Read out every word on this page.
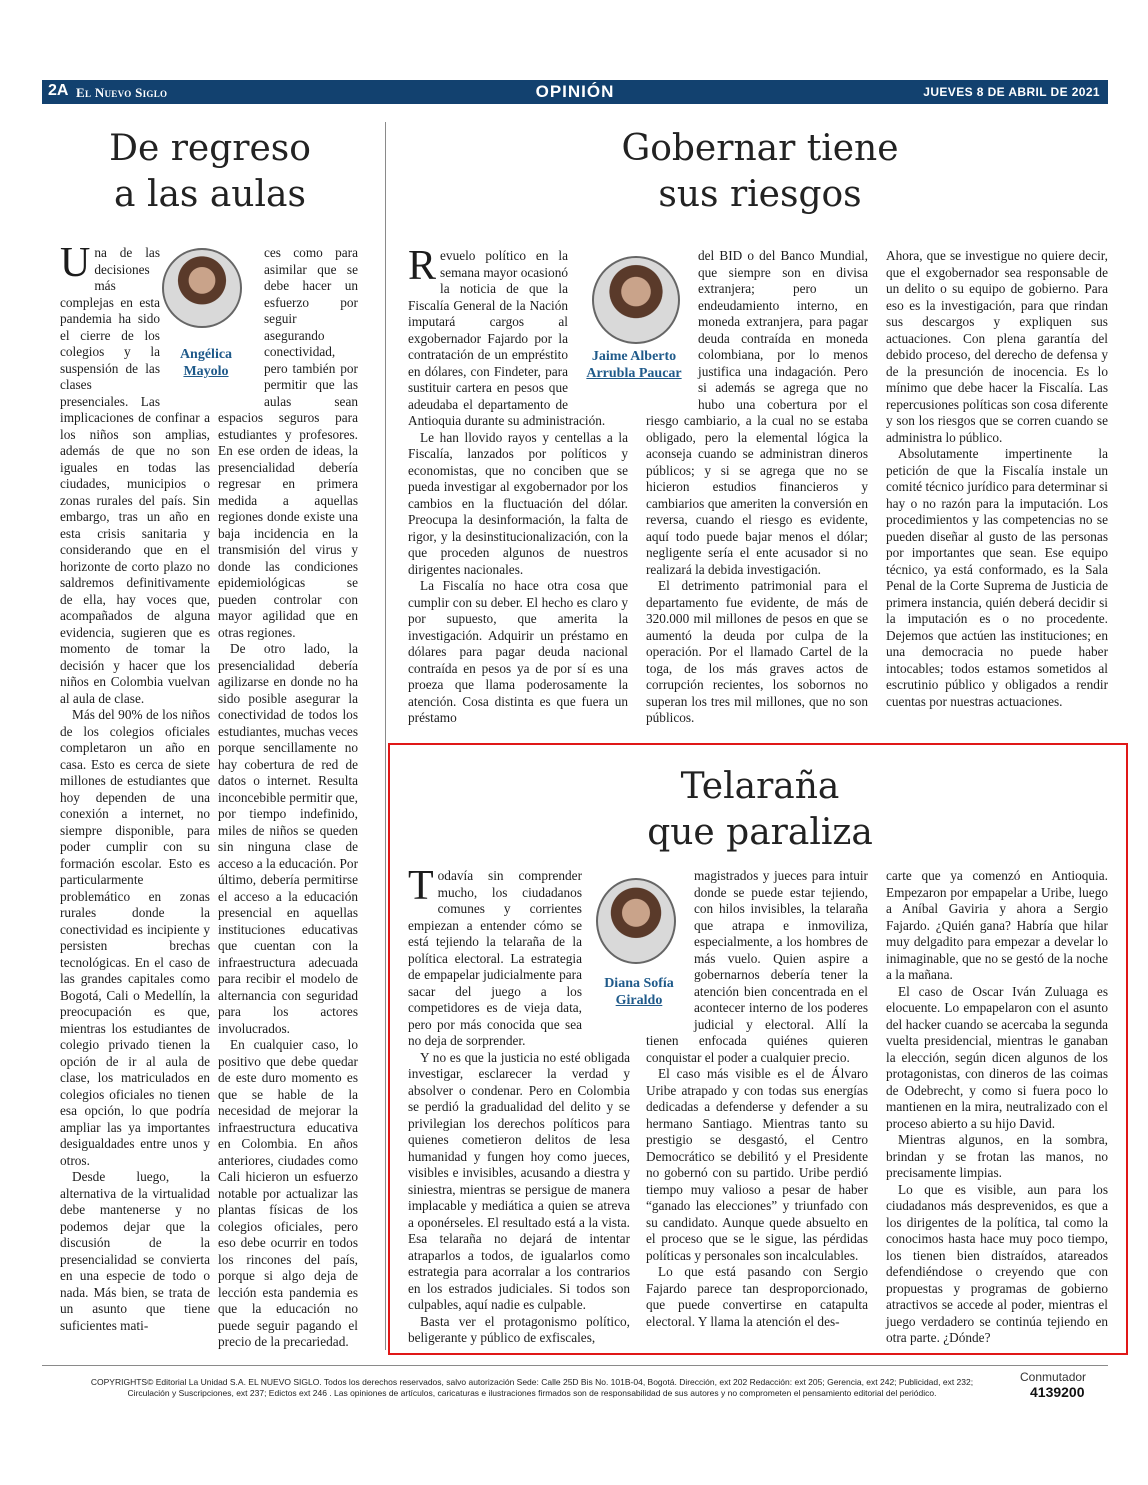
2A El Nuevo Siglo	OPINIÓN	JUEVES 8 DE ABRIL DE 2021
De regreso
a las aulas
Angélica
Mayolo

Una de las decisiones más complejas en esta pandemia ha sido el cierre de los colegios y la suspensión de las clases presenciales. Las implicaciones de confinar a los niños son amplias, además de que no son iguales en todas las ciudades, municipios o zonas rurales del país. Sin embargo, tras un año en esta crisis sanitaria y considerando que en el horizonte de corto plazo no saldremos definitivamente de ella, hay voces que, acompañados de alguna evidencia, sugieren que es momento de tomar la decisión y hacer que los niños en Colombia vuelvan al aula de clase.

Más del 90% de los niños de los colegios oficiales completaron un año en casa. Esto es cerca de siete millones de estudiantes que hoy dependen de una conexión a internet, no siempre disponible, para poder cumplir con su formación escolar. Esto es particularmente problemático en zonas rurales donde la conectividad es incipiente y persisten brechas tecnológicas. En el caso de las grandes capitales como Bogotá, Cali o Medellín, la preocupación es que, mientras los estudiantes de colegio privado tienen la opción de ir al aula de clase, los matriculados en colegios oficiales no tienen esa opción, lo que podría ampliar las ya importantes desigualdades entre unos y otros.

Desde luego, la alternativa de la virtualidad debe mantenerse y no podemos dejar que la discusión de la presencialidad se convierta en una especie de todo o nada. Más bien, se trata de un asunto que tiene suficientes mati-

ces como para asimilar que se debe hacer un esfuerzo por seguir asegurando conectividad, pero también por permitir que las aulas sean espacios seguros para estudiantes y profesores. En ese orden de ideas, la presencialidad debería regresar en primera medida a aquellas regiones donde existe una baja incidencia en la transmisión del virus y donde las condiciones epidemiológicas se pueden controlar con mayor agilidad que en otras regiones.

De otro lado, la presencialidad debería agilizarse en donde no ha sido posible asegurar la conectividad de todos los estudiantes, muchas veces porque sencillamente no hay cobertura de red de datos o internet. Resulta inconcebible permitir que, por tiempo indefinido, miles de niños se queden sin ninguna clase de acceso a la educación. Por último, debería permitirse el acceso a la educación presencial en aquellas instituciones educativas que cuentan con la infraestructura adecuada para recibir el modelo de alternancia con seguridad para los actores involucrados.

En cualquier caso, lo positivo que debe quedar de este duro momento es que se hable de la necesidad de mejorar la infraestructura educativa en Colombia. En años anteriores, ciudades como Cali hicieron un esfuerzo notable por actualizar las plantas físicas de los colegios oficiales, pero eso debe ocurrir en todos los rincones del país, porque si algo deja de lección esta pandemia es que la educación no puede seguir pagando el precio de la precariedad.

Gobernar tiene
sus riesgos
Jaime Alberto
Arrubla Paucar

Revuelo político en la semana mayor ocasionó la noticia de que la Fiscalía General de la Nación imputará cargos al exgobernador Fajardo por la contratación de un empréstito en dólares, con Findeter, para sustituir cartera en pesos que adeudaba el departamento de Antioquia durante su administración.

Le han llovido rayos y centellas a la Fiscalía, lanzados por políticos y economistas, que no conciben que se pueda investigar al exgobernador por los cambios en la fluctuación del dólar. Preocupa la desinformación, la falta de rigor, y la desinstitucionalización, con la que proceden algunos de nuestros dirigentes nacionales.

La Fiscalía no hace otra cosa que cumplir con su deber. El hecho es claro y por supuesto, que amerita la investigación. Adquirir un préstamo en dólares para pagar deuda nacional contraída en pesos ya de por sí es una proeza que llama poderosamente la atención. Cosa distinta es que fuera un préstamo

del BID o del Banco Mundial, que siempre son en divisa extranjera; pero un endeudamiento interno, en moneda extranjera, para pagar deuda contraída en moneda colombiana, por lo menos justifica una indagación. Pero si además se agrega que no hubo una cobertura por el riesgo cambiario, a la cual no se estaba obligado, pero la elemental lógica la aconseja cuando se administran dineros públicos; y si se agrega que no se hicieron estudios financieros y cambiarios que ameriten la conversión en reversa, cuando el riesgo es evidente, aquí todo puede bajar menos el dólar; negligente sería el ente acusador si no realizará la debida investigación.

El detrimento patrimonial para el departamento fue evidente, de más de 320.000 mil millones de pesos en que se aumentó la deuda por culpa de la operación. Por el llamado Cartel de la toga, de los más graves actos de corrupción recientes, los sobornos no superan los tres mil millones, que no son públicos.

Ahora, que se investigue no quiere decir, que el exgobernador sea responsable de un delito o su equipo de gobierno. Para eso es la investigación, para que rindan sus descargos y expliquen sus actuaciones. Con plena garantía del debido proceso, del derecho de defensa y de la presunción de inocencia. Es lo mínimo que debe hacer la Fiscalía. Las repercusiones políticas son cosa diferente y son los riesgos que se corren cuando se administra lo público.

Absolutamente impertinente la petición de que la Fiscalía instale un comité técnico jurídico para determinar si hay o no razón para la imputación. Los procedimientos y las competencias no se pueden diseñar al gusto de las personas por importantes que sean. Ese equipo técnico, ya está conformado, es la Sala Penal de la Corte Suprema de Justicia de primera instancia, quién deberá decidir si la imputación es o no procedente. Dejemos que actúen las instituciones; en una democracia no puede haber intocables; todos estamos sometidos al escrutinio público y obligados a rendir cuentas por nuestras actuaciones.

Telaraña
que paraliza
Diana Sofía
Giraldo

Todavía sin comprender mucho, los ciudadanos comunes y corrientes empiezan a entender cómo se está tejiendo la telaraña de la política electoral. La estrategia de empapelar judicialmente para sacar del juego a los competidores es de vieja data, pero por más conocida que sea no deja de sorprender.

Y no es que la justicia no esté obligada investigar, esclarecer la verdad y absolver o condenar. Pero en Colombia se perdió la gradualidad del delito y se privilegian los derechos políticos para quienes cometieron delitos de lesa humanidad y fungen hoy como jueces, visibles e invisibles, acusando a diestra y siniestra, mientras se persigue de manera implacable y mediática a quien se atreva a oponérseles. El resultado está a la vista. Esa telaraña no dejará de intentar atraparlos a todos, de igualarlos como estrategia para acorralar a los contrarios en los estrados judiciales. Si todos son culpables, aquí nadie es culpable.

Basta ver el protagonismo político, beligerante y público de exfiscales,

magistrados y jueces para intuir donde se puede estar tejiendo, con hilos invisibles, la telaraña que atrapa e inmoviliza, especialmente, a los hombres de más vuelo. Quien aspire a gobernarnos debería tener la atención bien concentrada en el acontecer interno de los poderes judicial y electoral. Allí la tienen enfocada quiénes quieren conquistar el poder a cualquier precio.

El caso más visible es el de Álvaro Uribe atrapado y con todas sus energías dedicadas a defenderse y defender a su hermano Santiago. Mientras tanto su prestigio se desgastó, el Centro Democrático se debilitó y el Presidente no gobernó con su partido. Uribe perdió tiempo muy valioso a pesar de haber “ganado las elecciones” y triunfado con su candidato. Aunque quede absuelto en el proceso que se le sigue, las pérdidas políticas y personales son incalculables.

Lo que está pasando con Sergio Fajardo parece tan desproporcionado, que puede convertirse en catapulta electoral. Y llama la atención el des-

carte que ya comenzó en Antioquia. Empezaron por empapelar a Uribe, luego a Aníbal Gaviria y ahora a Sergio Fajardo. ¿Quién gana? Habría que hilar muy delgadito para empezar a develar lo inimaginable, que no se gestó de la noche a la mañana.

El caso de Oscar Iván Zuluaga es elocuente. Lo empapelaron con el asunto del hacker cuando se acercaba la segunda vuelta presidencial, mientras le ganaban la elección, según dicen algunos de los protagonistas, con dineros de las coimas de Odebrecht, y como si fuera poco lo mantienen en la mira, neutralizado con el proceso abierto a su hijo David.

Mientras algunos, en la sombra, brindan y se frotan las manos, no precisamente limpias.

Lo que es visible, aun para los ciudadanos más desprevenidos, es que a los dirigentes de la política, tal como la conocimos hasta hace muy poco tiempo, los tienen bien distraídos, atareados defendiéndose o creyendo que con propuestas y programas de gobierno atractivos se accede al poder, mientras el juego verdadero se continúa tejiendo en otra parte. ¿Dónde?

COPYRIGHTS© Editorial La Unidad S.A. EL NUEVO SIGLO. Todos los derechos reservados, salvo autorización Sede: Calle 25D Bis No. 101B-04, Bogotá. Dirección, ext 202 Redacción: ext 205; Gerencia, ext 242; Publicidad, ext 232;
Circulación y Suscripciones, ext 237; Edictos ext 246 . Las opiniones de artículos, caricaturas e ilustraciones firmados son de responsabilidad de sus autores y no comprometen el pensamiento editorial del periódico.
Conmutador
4139200
